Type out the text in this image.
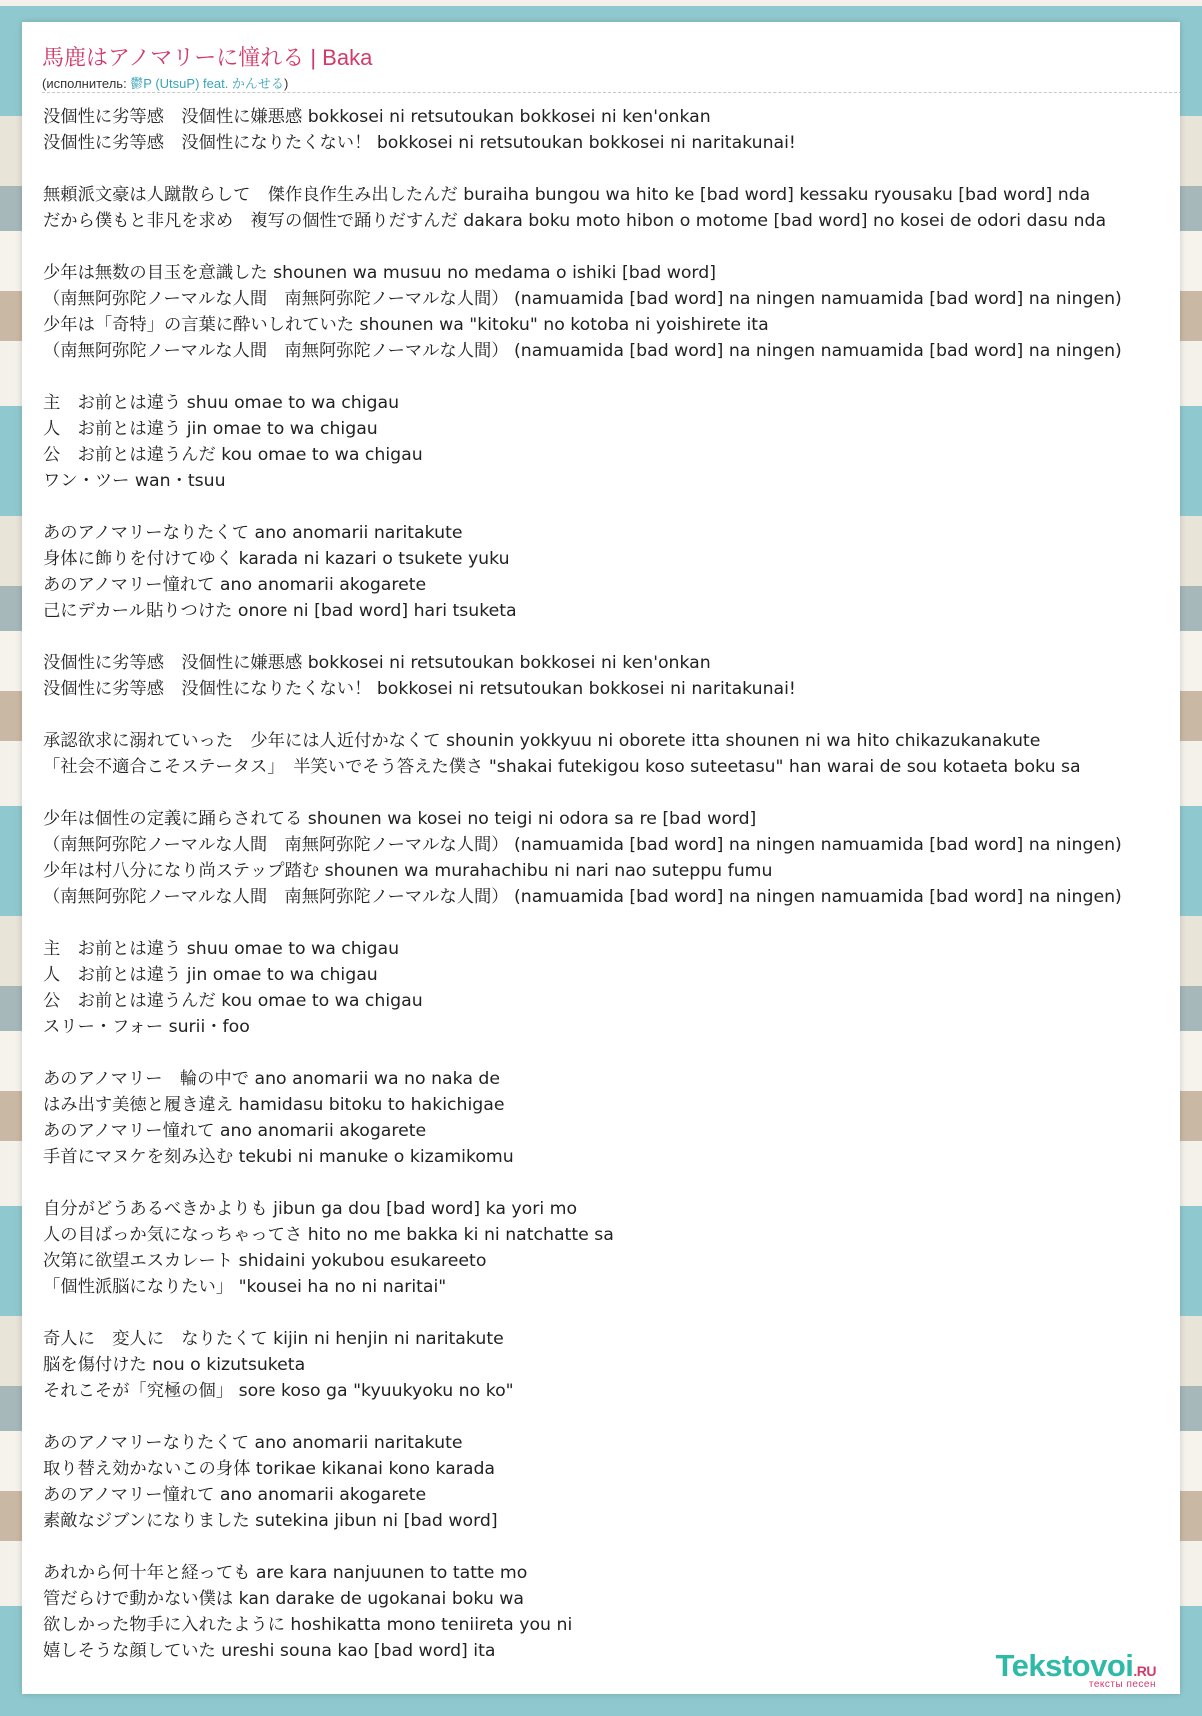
馬鹿はアノマリーに憧れる | Baka
(исполнитель: 鬱P (UtsuP) feat. かんせる)
没個性に劣等感　没個性に嫌悪感 bokkosei ni retsutoukan bokkosei ni ken'onkan
没個性に劣等感　没個性になりたくない！ bokkosei ni retsutoukan bokkosei ni naritakunai!
無頼派文豪は人蹴散らして　傑作良作生み出したんだ buraiha bungou wa hito ke [bad word] kessaku ryousaku [bad word] nda
だから僕もと非凡を求め　複写の個性で踊りだすんだ dakara boku moto hibon o motome [bad word] no kosei de odori dasu nda
少年は無数の目玉を意識した shounen wa musuu no medama o ishiki [bad word]
（南無阿弥陀ノーマルな人間　南無阿弥陀ノーマルな人間） (namuamida [bad word] na ningen namuamida [bad word] na ningen)
少年は「奇特」の言葉に酔いしれていた shounen wa "kitoku" no kotoba ni yoishirete ita
（南無阿弥陀ノーマルな人間　南無阿弥陀ノーマルな人間） (namuamida [bad word] na ningen namuamida [bad word] na ningen)
主　お前とは違う shuu omae to wa chigau
人　お前とは違う jin omae to wa chigau
公　お前とは違うんだ kou omae to wa chigau
ワン・ツー wan・tsuu
あのアノマリーなりたくて ano anomarii naritakute
身体に飾りを付けてゆく karada ni kazari o tsukete yuku
あのアノマリー憧れて ano anomarii akogarete
己にデカール貼りつけた onore ni [bad word] hari tsuketa
没個性に劣等感　没個性に嫌悪感 bokkosei ni retsutoukan bokkosei ni ken'onkan
没個性に劣等感　没個性になりたくない！ bokkosei ni retsutoukan bokkosei ni naritakunai!
承認欲求に溺れていった　少年には人近付かなくて shounin yokkyuu ni oborete itta shounen ni wa hito chikazukanakute
「社会不適合こそステータス」　半笑いでそう答えた僕さ "shakai futekigou koso suteetasu" han warai de sou kotaeta boku sa
少年は個性の定義に踊らされてる shounen wa kosei no teigi ni odora sa re [bad word]
（南無阿弥陀ノーマルな人間　南無阿弥陀ノーマルな人間） (namuamida [bad word] na ningen namuamida [bad word] na ningen)
少年は村八分になり尚ステップ踏む shounen wa murahachibu ni nari nao suteppu fumu
（南無阿弥陀ノーマルな人間　南無阿弥陀ノーマルな人間） (namuamida [bad word] na ningen namuamida [bad word] na ningen)
主　お前とは違う shuu omae to wa chigau
人　お前とは違う jin omae to wa chigau
公　お前とは違うんだ kou omae to wa chigau
スリー・フォー surii・foo
あのアノマリー　輪の中で ano anomarii wa no naka de
はみ出す美徳と履き違え hamidasu bitoku to hakichigae
あのアノマリー憧れて ano anomarii akogarete
手首にマヌケを刻み込む tekubi ni manuke o kizamikomu
自分がどうあるべきかよりも jibun ga dou [bad word] ka yori mo
人の目ばっか気になっちゃってさ hito no me bakka ki ni natchatte sa
次第に欲望エスカレート shidaini yokubou esukareeto
「個性派脳になりたい」 "kousei ha no ni naritai"
奇人に　変人に　なりたくて kijin ni henjin ni naritakute
脳を傷付けた nou o kizutsuketa
それこそが「究極の個」 sore koso ga "kyuukyoku no ko"
あのアノマリーなりたくて ano anomarii naritakute
取り替え効かないこの身体 torikae kikanai kono karada
あのアノマリー憧れて ano anomarii akogarete
素敵なジブンになりました sutekina jibun ni [bad word]
あれから何十年と経っても are kara nanjuunen to tatte mo
管だらけで動かない僕は kan darake de ugokanai boku wa
欲しかった物手に入れたように hoshikatta mono teniireta you ni
嬉しそうな顔していた ureshi souna kao [bad word] ita	Tekstovoi.RU
тексты песен
